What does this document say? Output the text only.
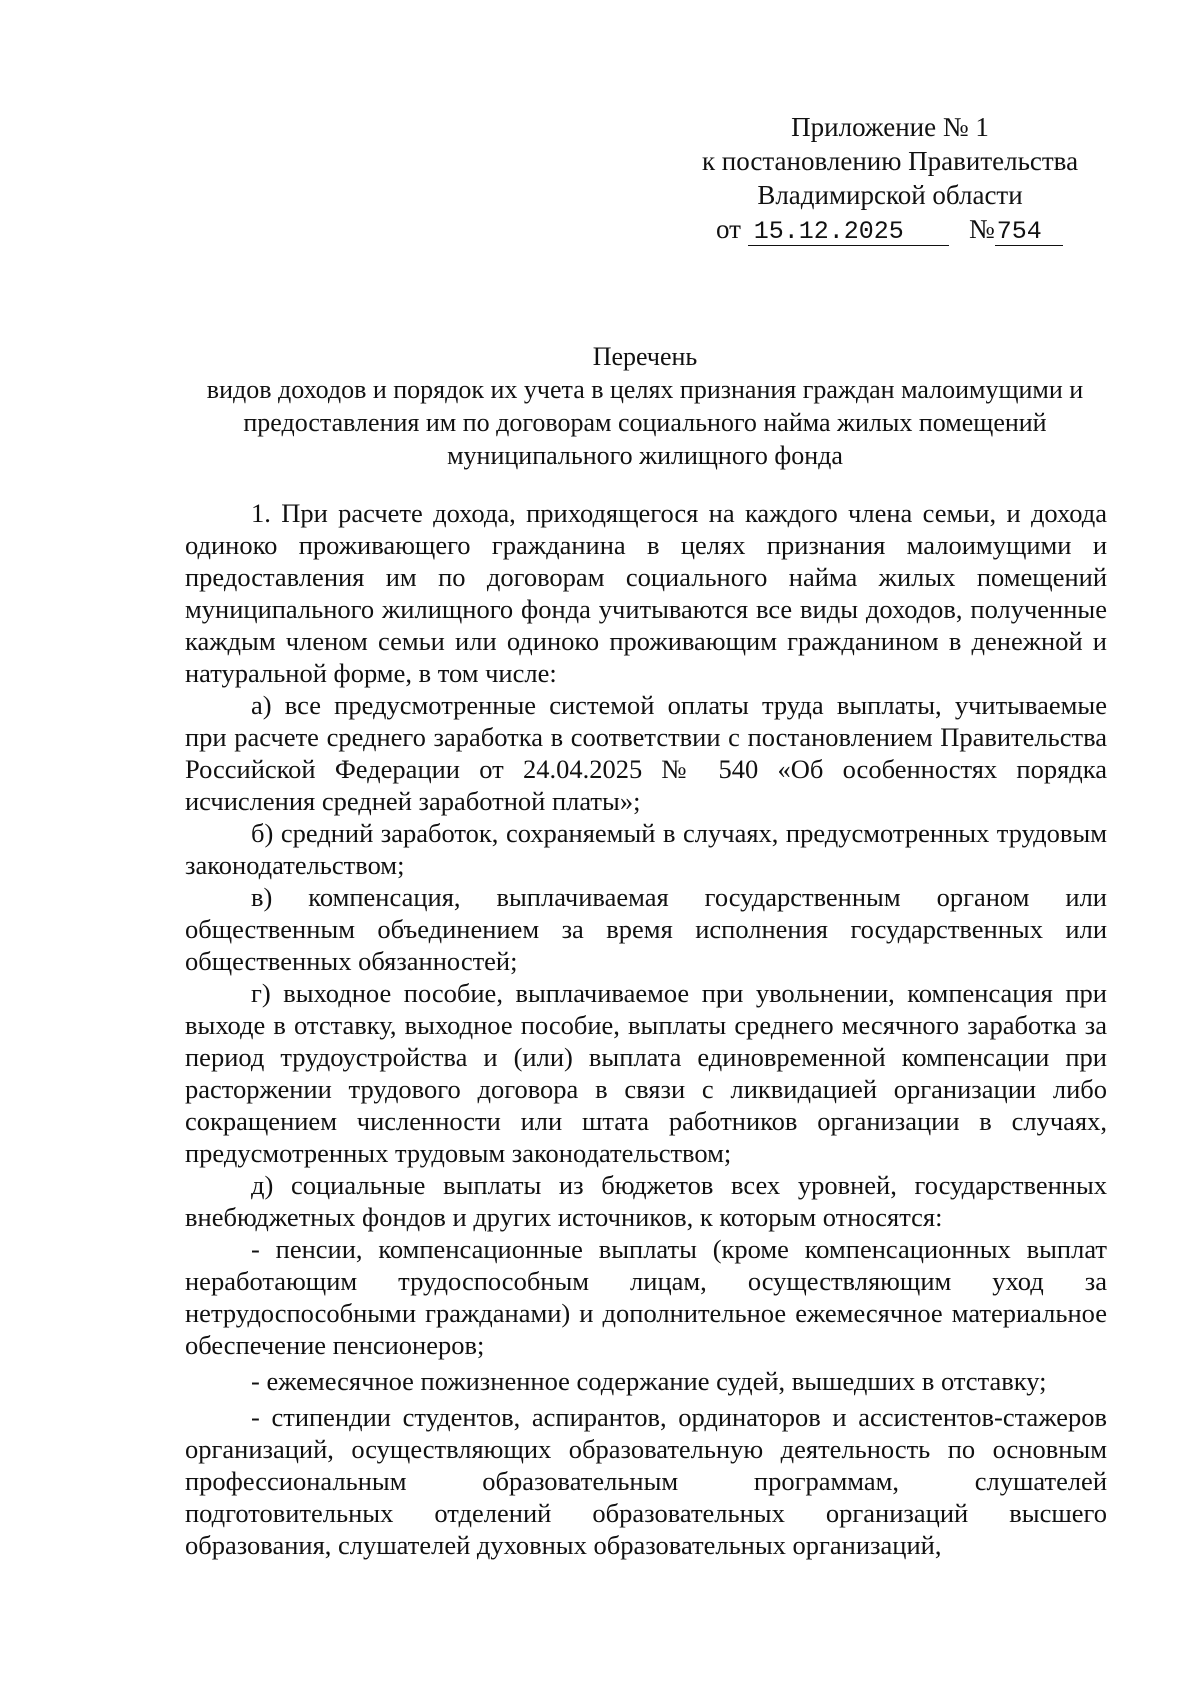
Приложение № 1
к постановлению Правительства
Владимирской области
от 15.12.2025 №754
Перечень
видов доходов и порядок их учета в целях признания граждан малоимущими и
предоставления им по договорам социального найма жилых помещений
муниципального жилищного фонда

1. При расчете дохода, приходящегося на каждого члена семьи, и дохода одиноко проживающего гражданина в целях признания малоимущими и предоставления им по договорам социального найма жилых помещений муниципального жилищного фонда учитываются все виды доходов, полученные каждым членом семьи или одиноко проживающим гражданином в денежной и натуральной форме, в том числе:

а) все предусмотренные системой оплаты труда выплаты, учитываемые при расчете среднего заработка в соответствии с постановлением Правительства Российской Федерации от 24.04.2025 № 540 «Об особенностях порядка исчисления средней заработной платы»;

б) средний заработок, сохраняемый в случаях, предусмотренных трудовым законодательством;

в) компенсация, выплачиваемая государственным органом или общественным объединением за время исполнения государственных или общественных обязанностей;

г) выходное пособие, выплачиваемое при увольнении, компенсация при выходе в отставку, выходное пособие, выплаты среднего месячного заработка за период трудоустройства и (или) выплата единовременной компенсации при расторжении трудового договора в связи с ликвидацией организации либо сокращением численности или штата работников организации в случаях, предусмотренных трудовым законодательством;

д) социальные выплаты из бюджетов всех уровней, государственных внебюджетных фондов и других источников, к которым относятся:

- пенсии, компенсационные выплаты (кроме компенсационных выплат неработающим трудоспособным лицам, осуществляющим уход за нетрудоспособными гражданами) и дополнительное ежемесячное материальное обеспечение пенсионеров;

- ежемесячное пожизненное содержание судей, вышедших в отставку;

- стипендии студентов, аспирантов, ординаторов и ассистентов-стажеров организаций, осуществляющих образовательную деятельность по основным профессиональным образовательным программам, слушателей подготовительных отделений образовательных организаций высшего образования, слушателей духовных образовательных организаций,
